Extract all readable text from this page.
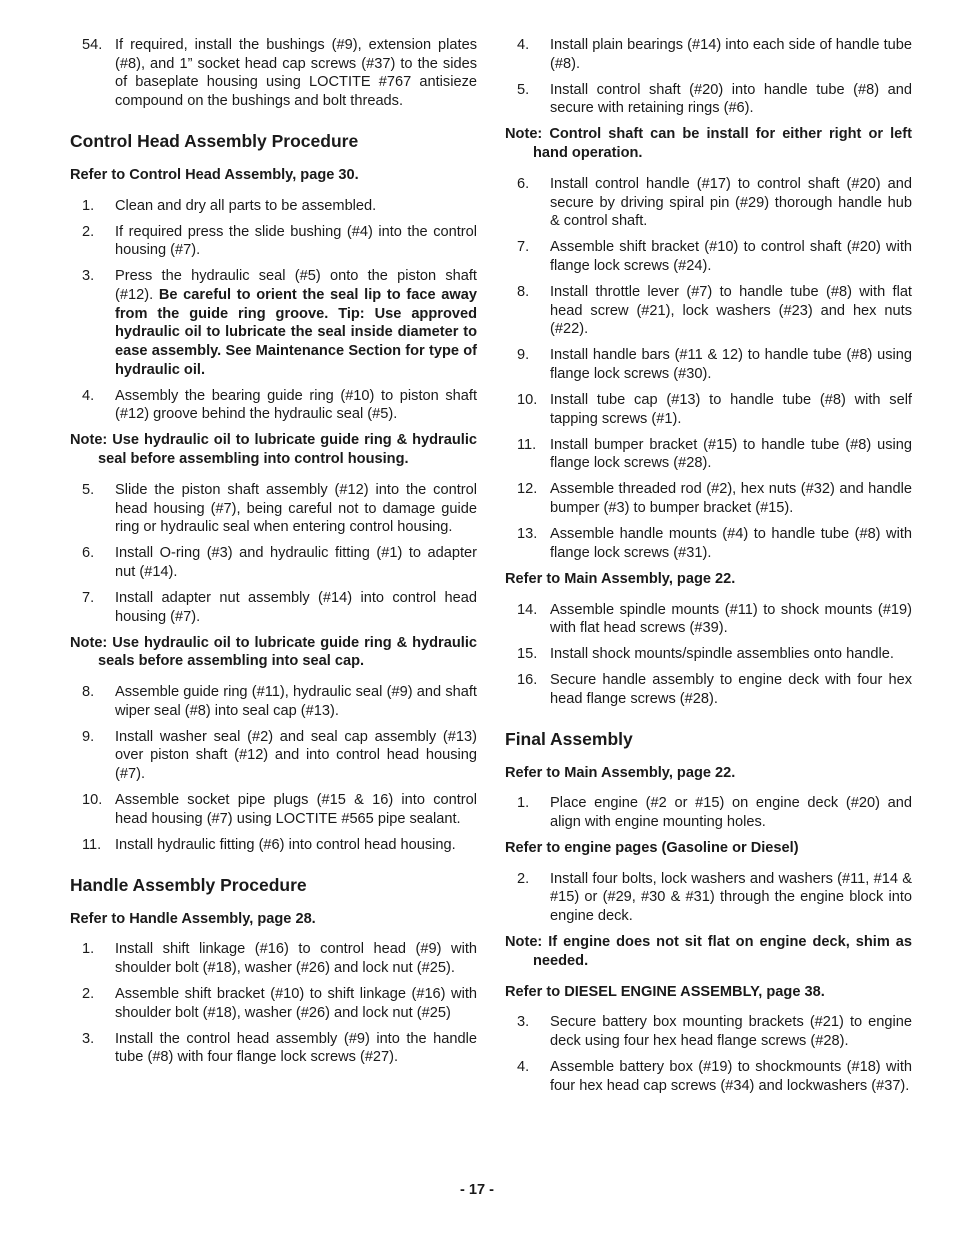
54. If required, install the bushings (#9), extension plates (#8), and 1” socket head cap screws (#37) to the sides of baseplate housing using LOCTITE #767 antisieze compound on the bushings and bolt threads.
Control Head Assembly Procedure
Refer to Control Head Assembly, page 30.
1.	Clean and dry all parts to be assembled.
2.	If required press the slide bushing (#4) into the control housing (#7).
3.	Press the hydraulic seal (#5) onto the piston shaft (#12). Be careful to orient the seal lip to face away from the guide ring groove. Tip: Use approved hydraulic oil to lubricate the seal inside diameter to ease assembly. See Maintenance Section for type of hydraulic oil.
4.	Assembly the bearing guide ring (#10) to piston shaft (#12) groove behind the hydraulic seal (#5).
Note: Use hydraulic oil to lubricate guide ring & hydraulic seal before assembling into control housing.
5.	Slide the piston shaft assembly (#12) into the control head housing (#7), being careful not to damage guide ring or hydraulic seal when entering control housing.
6.	Install O-ring (#3) and hydraulic fitting (#1) to adapter nut (#14).
7.	Install adapter nut assembly (#14) into control head housing (#7).
Note: Use hydraulic oil to lubricate guide ring & hydraulic seals before assembling into seal cap.
8.	Assemble guide ring (#11), hydraulic seal (#9) and shaft wiper seal (#8) into seal cap (#13).
9.	Install washer seal (#2) and seal cap assembly (#13) over piston shaft (#12) and into control head housing (#7).
10. Assemble socket pipe plugs (#15 & 16) into control head housing (#7) using LOCTITE #565 pipe sealant.
11. Install hydraulic fitting (#6) into control head housing.
Handle Assembly Procedure
Refer to Handle Assembly, page 28.
1.	Install shift linkage (#16) to control head (#9) with shoulder bolt (#18), washer (#26) and lock nut (#25).
2.	Assemble shift bracket (#10) to shift linkage (#16) with shoulder bolt (#18), washer (#26) and lock nut (#25)
3.	Install the control head assembly (#9) into the handle tube (#8) with four flange lock screws (#27).
4.	Install plain bearings (#14) into each side of handle tube (#8).
5.	Install control shaft (#20) into handle tube (#8) and secure with retaining rings (#6).
Note: Control shaft can be install for either right or left hand operation.
6.	Install control handle (#17) to control shaft (#20) and secure by driving spiral pin (#29) thorough handle hub & control shaft.
7.	Assemble shift bracket (#10) to control shaft (#20) with flange lock screws (#24).
8.	Install throttle lever (#7) to handle tube (#8) with flat head screw (#21), lock washers (#23) and hex nuts (#22).
9.	Install handle bars (#11 & 12) to handle tube (#8) using flange lock screws (#30).
10. Install tube cap (#13) to handle tube (#8) with self tapping screws (#1).
11. Install bumper bracket (#15) to handle tube (#8) using flange lock screws (#28).
12. Assemble threaded rod (#2), hex nuts (#32) and handle bumper (#3) to bumper bracket (#15).
13. Assemble handle mounts (#4) to handle tube (#8) with flange lock screws (#31).
Refer to Main Assembly, page 22.
14. Assemble spindle mounts (#11) to shock mounts (#19) with flat head screws (#39).
15. Install shock mounts/spindle assemblies onto handle.
16. Secure handle assembly to engine deck with four hex head flange screws (#28).
Final Assembly
Refer to Main Assembly, page 22.
1.	Place engine (#2 or #15) on engine deck (#20) and align with engine mounting holes.
Refer to engine pages (Gasoline or Diesel)
2.	Install four bolts, lock washers and washers (#11, #14 & #15) or (#29, #30 & #31) through the engine block into engine deck.
Note: If engine does not sit flat on engine deck, shim as needed.
Refer to DIESEL ENGINE ASSEMBLY, page 38.
3.	Secure battery box mounting brackets (#21) to engine deck using four hex head flange screws (#28).
4.	Assemble battery box (#19) to shockmounts (#18) with four hex head cap screws (#34) and lockwashers (#37).
- 17 -
